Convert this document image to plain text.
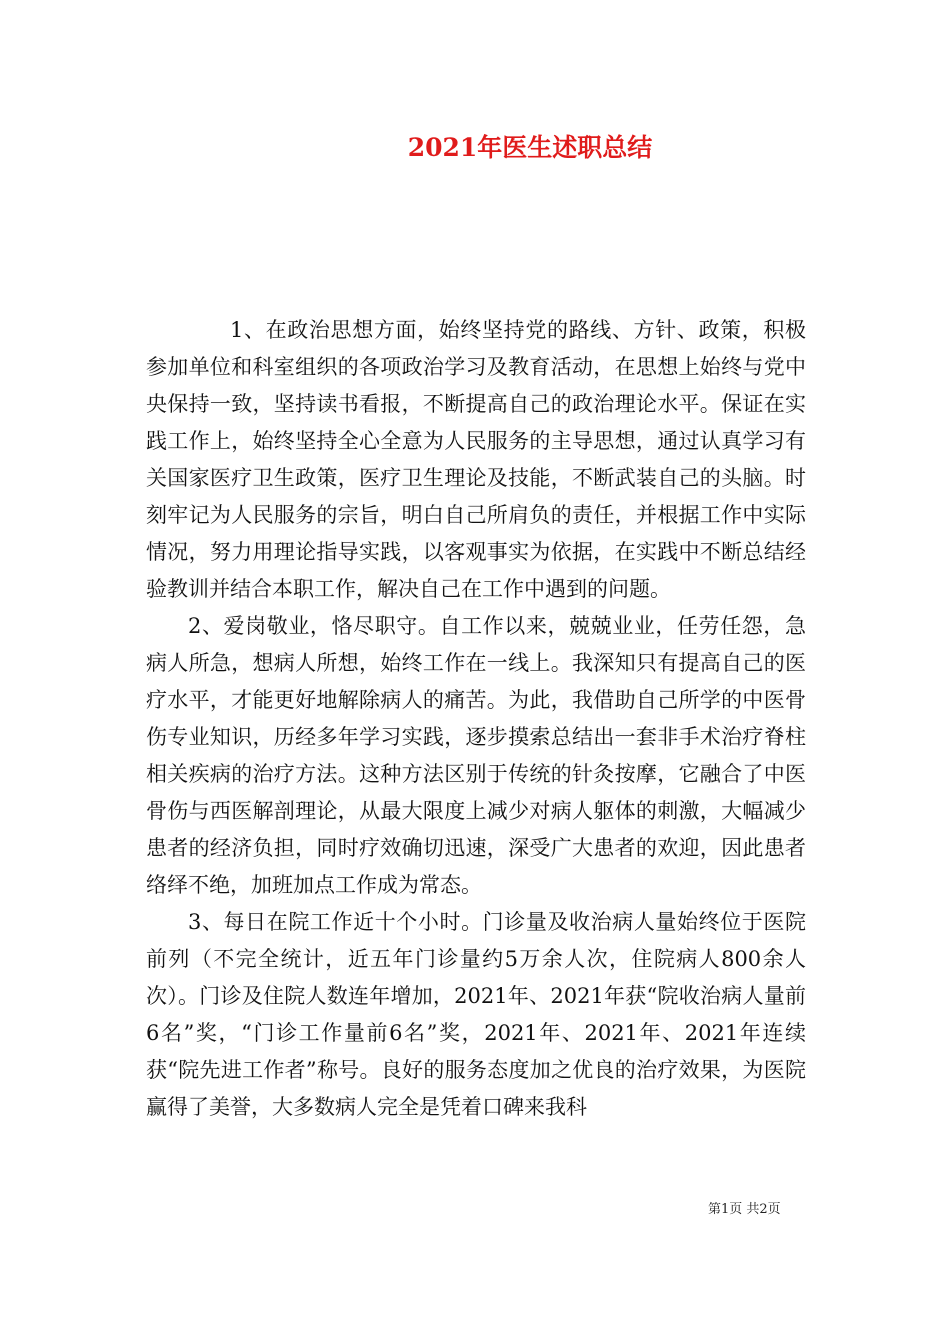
2021年医生述职总结

1、在政治思想方面，始终坚持党的路线、方针、政策，积极参加单位和科室组织的各项政治学习及教育活动，在思想上始终与党中央保持一致，坚持读书看报，不断提高自己的政治理论水平。保证在实践工作上，始终坚持全心全意为人民服务的主导思想，通过认真学习有关国家医疗卫生政策，医疗卫生理论及技能，不断武装自己的头脑。时刻牢记为人民服务的宗旨，明白自己所肩负的责任，并根据工作中实际情况，努力用理论指导实践，以客观事实为依据，在实践中不断总结经验教训并结合本职工作，解决自己在工作中遇到的问题。

2、爱岗敬业，恪尽职守。自工作以来，兢兢业业，任劳任怨，急病人所急，想病人所想，始终工作在一线上。我深知只有提高自己的医疗水平，才能更好地解除病人的痛苦。为此，我借助自己所学的中医骨伤专业知识，历经多年学习实践，逐步摸索总结出一套非手术治疗脊柱相关疾病的治疗方法。这种方法区别于传统的针灸按摩，它融合了中医骨伤与西医解剖理论，从最大限度上减少对病人躯体的刺激，大幅减少患者的经济负担，同时疗效确切迅速，深受广大患者的欢迎，因此患者络绎不绝，加班加点工作成为常态。

3、每日在院工作近十个小时。门诊量及收治病人量始终位于医院前列（不完全统计，近五年门诊量约5万余人次，住院病人800余人次）。门诊及住院人数连年增加，2021年、2021年获“院收治病人量前6名”奖，“门诊工作量前6名”奖，2021年、2021年、2021年连续获“院先进工作者”称号。良好的服务态度加之优良的治疗效果，为医院赢得了美誉，大多数病人完全是凭着口碑来我科

第1页 共2页
